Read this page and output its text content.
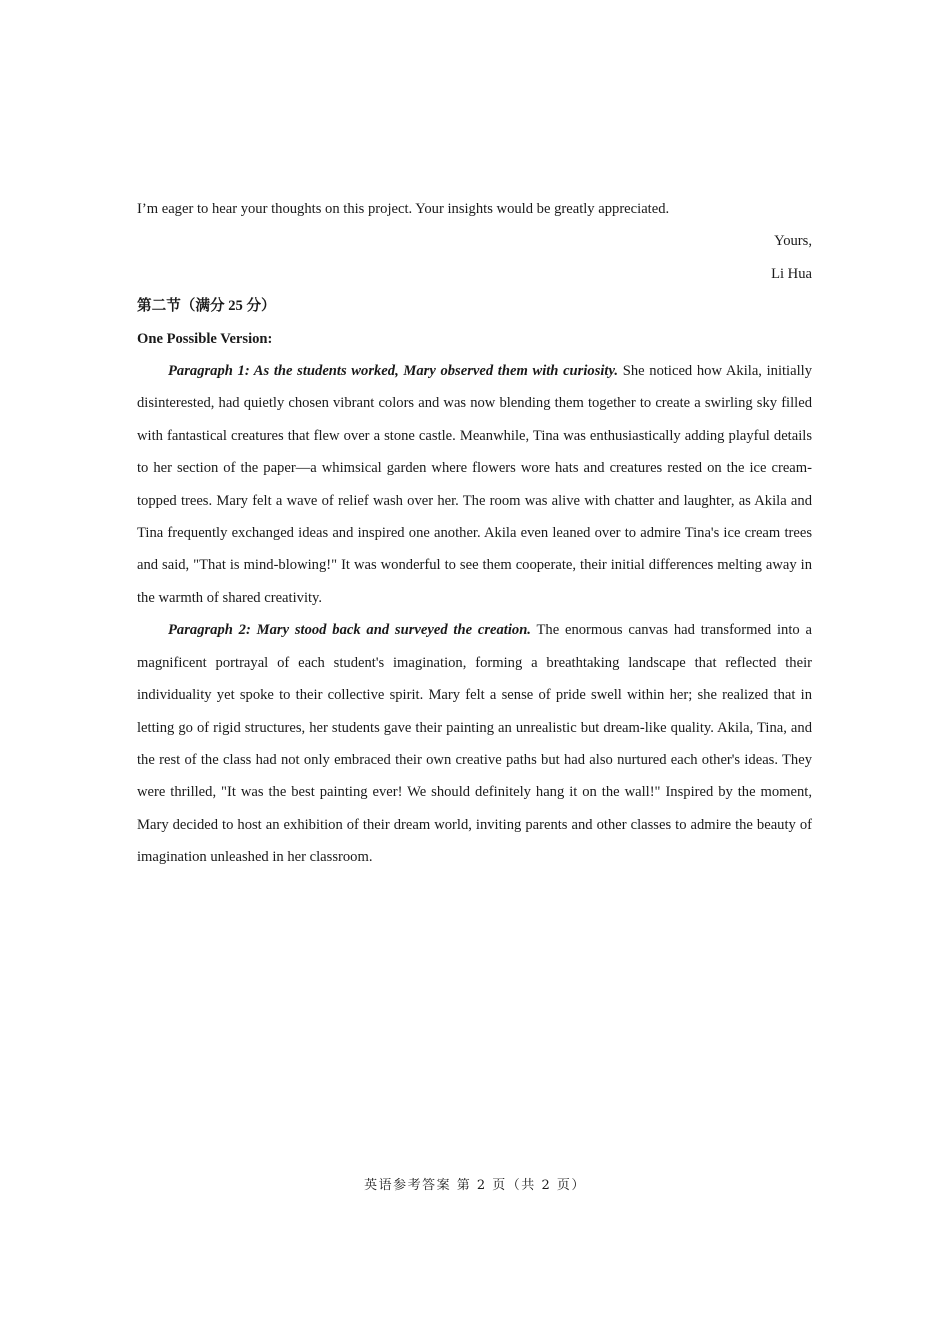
I’m eager to hear your thoughts on this project. Your insights would be greatly appreciated.

Yours,

Li Hua

第二节（满分 25 分）

One Possible Version:

Paragraph 1: As the students worked, Mary observed them with curiosity. She noticed how Akila, initially disinterested, had quietly chosen vibrant colors and was now blending them together to create a swirling sky filled with fantastical creatures that flew over a stone castle. Meanwhile, Tina was enthusiastically adding playful details to her section of the paper—a whimsical garden where flowers wore hats and creatures rested on the ice cream-topped trees. Mary felt a wave of relief wash over her. The room was alive with chatter and laughter, as Akila and Tina frequently exchanged ideas and inspired one another. Akila even leaned over to admire Tina's ice cream trees and said, "That is mind-blowing!" It was wonderful to see them cooperate, their initial differences melting away in the warmth of shared creativity.

Paragraph 2: Mary stood back and surveyed the creation. The enormous canvas had transformed into a magnificent portrayal of each student's imagination, forming a breathtaking landscape that reflected their individuality yet spoke to their collective spirit. Mary felt a sense of pride swell within her; she realized that in letting go of rigid structures, her students gave their painting an unrealistic but dream-like quality. Akila, Tina, and the rest of the class had not only embraced their own creative paths but had also nurtured each other's ideas. They were thrilled, "It was the best painting ever! We should definitely hang it on the wall!" Inspired by the moment, Mary decided to host an exhibition of their dream world, inviting parents and other classes to admire the beauty of imagination unleashed in her classroom.

英语参考答案 第 2 页（共 2 页）
